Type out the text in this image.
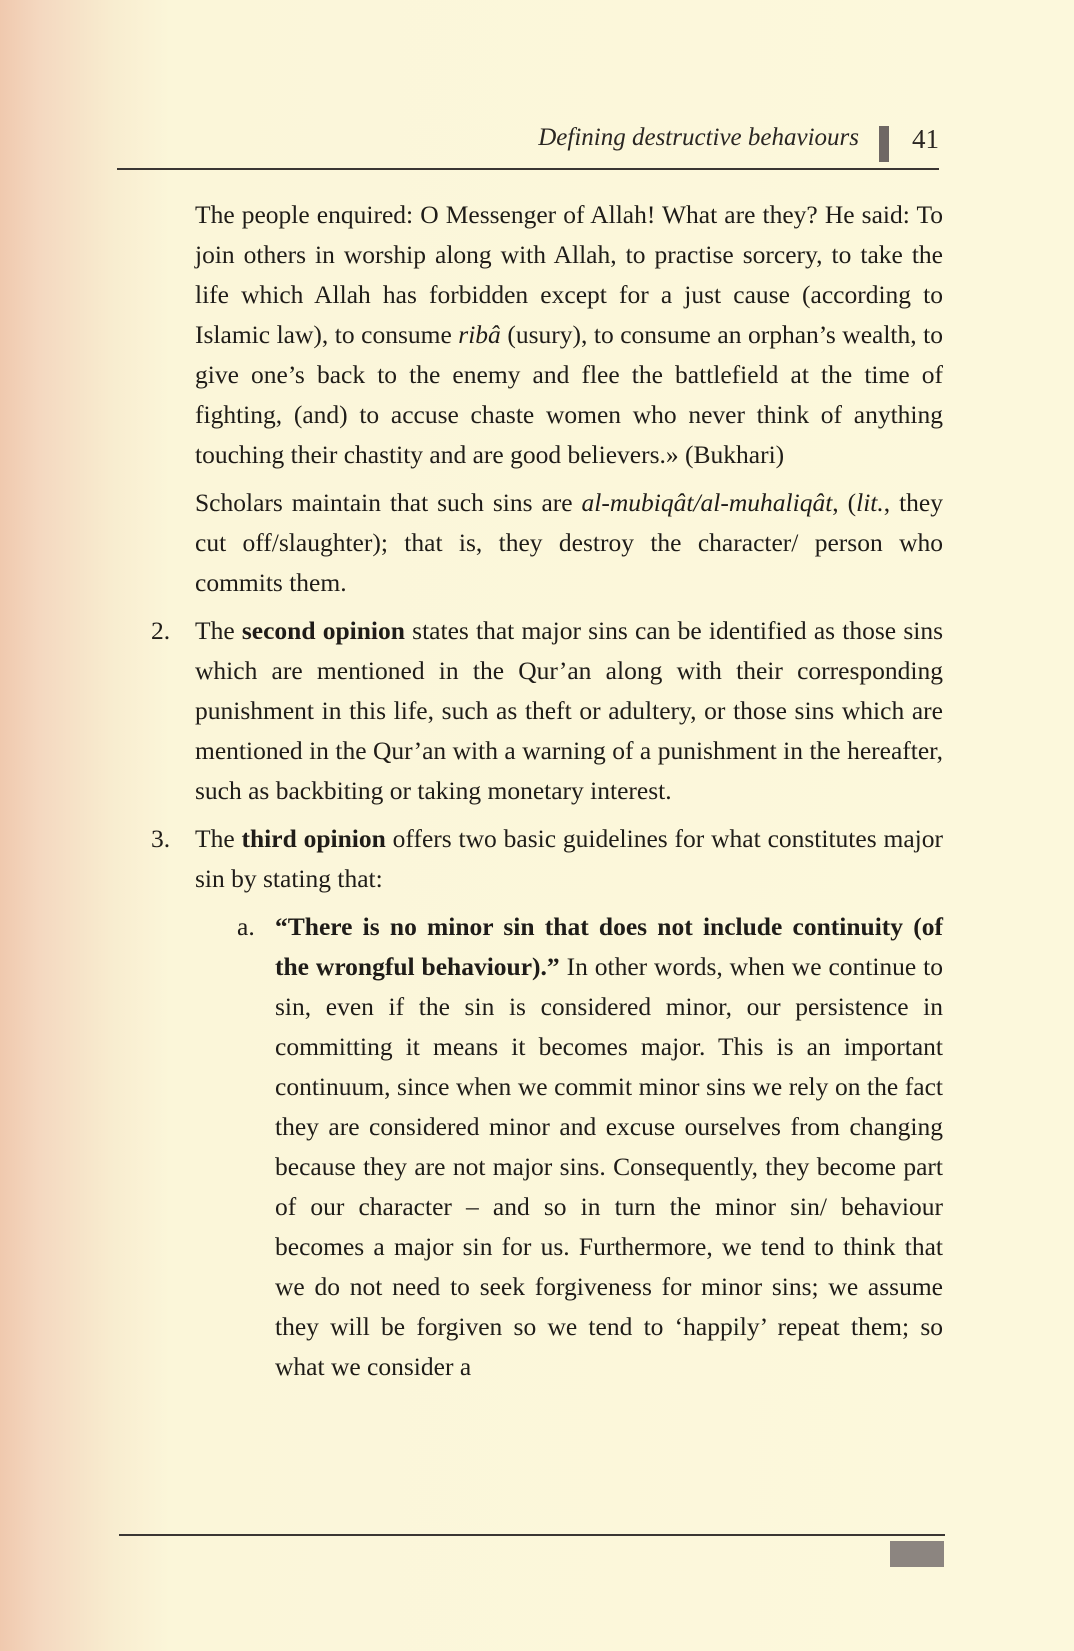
Defining destructive behaviours 41

The people enquired: O Messenger of Allah! What are they? He said: To join others in worship along with Allah, to practise sorcery, to take the life which Allah has forbidden except for a just cause (according to Islamic law), to consume ribâ (usury), to consume an orphan’s wealth, to give one’s back to the enemy and flee the battlefield at the time of fighting, (and) to accuse chaste women who never think of anything touching their chastity and are good believers.» (Bukhari)

Scholars maintain that such sins are al-mubiqât/al-muhaliqât, (lit., they cut off/slaughter); that is, they destroy the character/ person who commits them.

2. The second opinion states that major sins can be identified as those sins which are mentioned in the Qur’an along with their corresponding punishment in this life, such as theft or adultery, or those sins which are mentioned in the Qur’an with a warning of a punishment in the hereafter, such as backbiting or taking monetary interest.
3. The third opinion offers two basic guidelines for what constitutes major sin by stating that:
a. “There is no minor sin that does not include continuity (of the wrongful behaviour).” In other words, when we continue to sin, even if the sin is considered minor, our persistence in committing it means it becomes major. This is an important continuum, since when we commit minor sins we rely on the fact they are considered minor and excuse ourselves from changing because they are not major sins. Consequently, they become part of our character – and so in turn the minor sin/ behaviour becomes a major sin for us. Furthermore, we tend to think that we do not need to seek forgiveness for minor sins; we assume they will be forgiven so we tend to ‘happily’ repeat them; so what we consider a
